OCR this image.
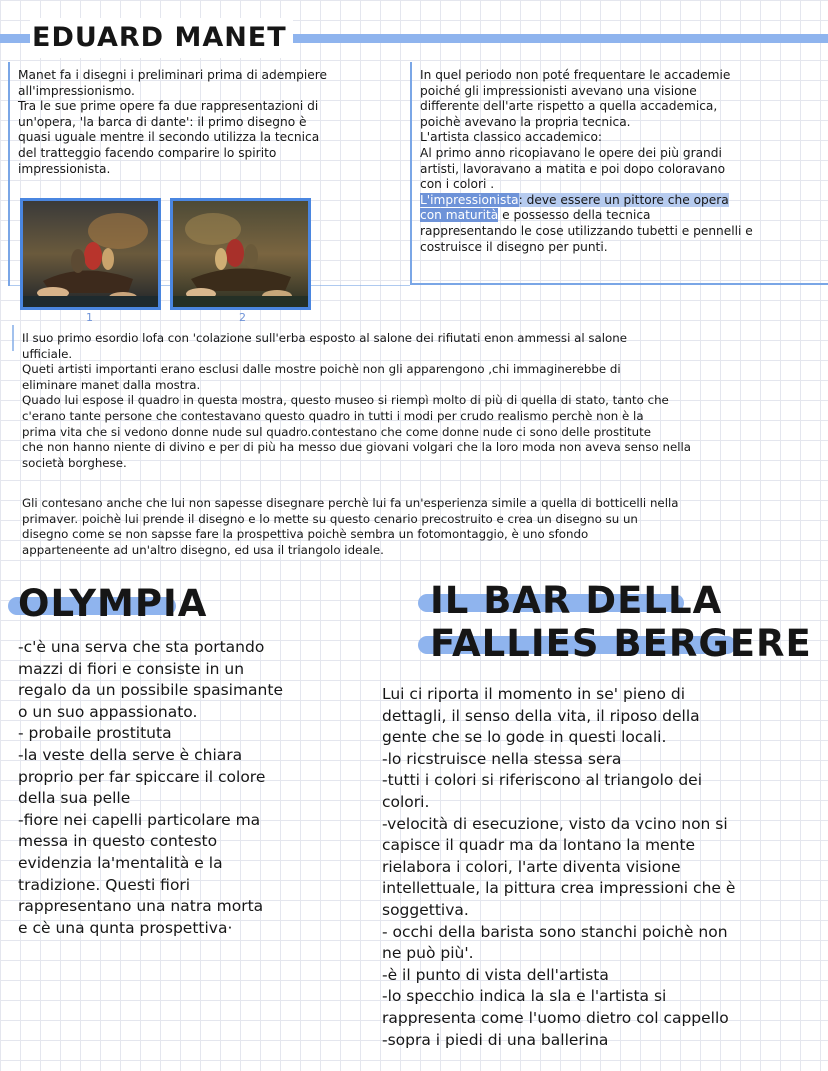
EDUARD MANET

Manet fa i disegni i preliminari prima di adempiere

all'impressionismo.

Tra le sue prime opere fa due rappresentazioni di

un'opera, 'la barca di dante': il primo disegno è

quasi uguale mentre il secondo utilizza la tecnica

del tratteggio facendo comparire lo spirito

impressionista.

1	2

In quel periodo non poté frequentare le accademie

poiché gli impressionisti avevano una visione

differente dell'arte rispetto a quella accademica,

poichè avevano la propria tecnica.

L'artista classico accademico:

Al primo anno ricopiavano le opere dei più grandi

artisti, lavoravano a matita e poi dopo coloravano

con i colori .

L'impressionista: deve essere un pittore che opera

con maturità e possesso della tecnica

rappresentando le cose utilizzando tubetti e pennelli e

costruisce il disegno per punti.

Il suo primo esordio lofa con 'colazione sull'erba esposto al salone dei rifiutati enon ammessi al salone

ufficiale.

Queti artisti importanti erano esclusi dalle mostre poichè non gli apparengono ,chi immaginerebbe di

eliminare manet dalla mostra.

Quado lui espose il quadro in questa mostra, questo museo si riempì molto di più di quella di stato, tanto che

c'erano tante persone che contestavano questo quadro in tutti i modi per crudo realismo perchè non è la

prima vita che si vedono donne nude sul quadro.contestano che come donne nude ci sono delle prostitute

che non hanno niente di divino e per di più ha messo due giovani volgari che la loro moda non aveva senso nella

società borghese.

Gli contesano anche che lui non sapesse disegnare perchè lui fa un'esperienza simile a quella di botticelli nella

primaver. poichè lui prende il disegno e lo mette su questo cenario precostruito e crea un disegno su un

disegno come se non sapsse fare la prospettiva poichè sembra un fotomontaggio, è uno sfondo

apparteneente ad un'altro disegno, ed usa il triangolo ideale.

OLYMPIA

-c'è una serva che sta portando

mazzi di fiori e consiste in un

regalo da un possibile spasimante

o un suo appassionato.

- probaile prostituta

-la veste della serve è chiara

proprio per far spiccare il colore

della sua pelle

-fiore nei capelli particolare ma

messa in questo contesto

evidenzia la'mentalità e la

tradizione. Questi fiori

rappresentano una natra morta

e cè una qunta prospettiva·

IL BAR DELLA
FALLIES BERGERE

Lui ci riporta il momento in se' pieno di

dettagli, il senso della vita, il riposo della

gente che se lo gode in questi locali.

-lo ricstruisce nella stessa sera

-tutti i colori si riferiscono al triangolo dei

colori.

-velocità di esecuzione, visto da vcino non si

capisce il quadr ma da lontano la mente

rielabora i colori, l'arte diventa visione

intellettuale, la pittura crea impressioni che è

soggettiva.

- occhi della barista sono stanchi poichè non

ne può più'.

-è il punto di vista dell'artista

-lo specchio indica la sla e l'artista si

rappresenta come l'uomo dietro col cappello

-sopra i piedi di una ballerina
